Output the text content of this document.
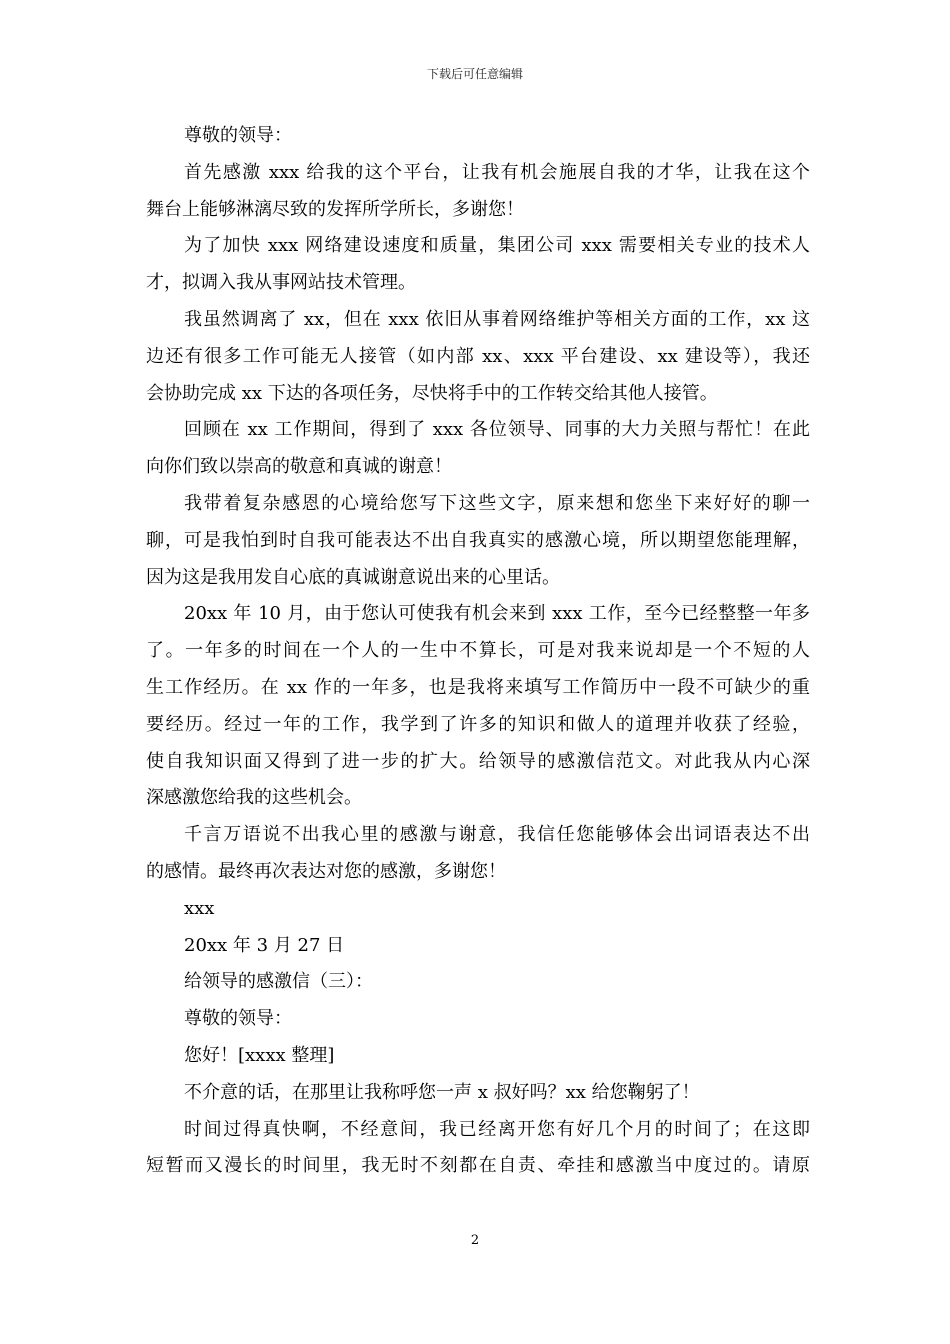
下载后可任意编辑
尊敬的领导：
首先感激 xxx 给我的这个平台，让我有机会施展自我的才华，让我在这个
舞台上能够淋漓尽致的发挥所学所长，多谢您！
为了加快 xxx 网络建设速度和质量，集团公司 xxx 需要相关专业的技术人
才，拟调入我从事网站技术管理。
我虽然调离了 xx，但在 xxx 依旧从事着网络维护等相关方面的工作，xx 这
边还有很多工作可能无人接管（如内部 xx、xxx 平台建设、xx 建设等），我还
会协助完成 xx 下达的各项任务，尽快将手中的工作转交给其他人接管。
回顾在 xx 工作期间，得到了 xxx 各位领导、同事的大力关照与帮忙！在此
向你们致以崇高的敬意和真诚的谢意！
我带着复杂感恩的心境给您写下这些文字，原来想和您坐下来好好的聊一
聊，可是我怕到时自我可能表达不出自我真实的感激心境，所以期望您能理解，
因为这是我用发自心底的真诚谢意说出来的心里话。
20xx 年 10 月，由于您认可使我有机会来到 xxx 工作，至今已经整整一年多
了。一年多的时间在一个人的一生中不算长，可是对我来说却是一个不短的人
生工作经历。在 xx 作的一年多，也是我将来填写工作简历中一段不可缺少的重
要经历。经过一年的工作，我学到了许多的知识和做人的道理并收获了经验，
使自我知识面又得到了进一步的扩大。给领导的感激信范文。对此我从内心深
深感激您给我的这些机会。
千言万语说不出我心里的感激与谢意，我信任您能够体会出词语表达不出
的感情。最终再次表达对您的感激，多谢您！
xxx
20xx 年 3 月 27 日
给领导的感激信（三）：
尊敬的领导：
您好！[xxxx 整理]
不介意的话，在那里让我称呼您一声 x 叔好吗？xx 给您鞠躬了！
时间过得真快啊，不经意间，我已经离开您有好几个月的时间了；在这即
短暂而又漫长的时间里，我无时不刻都在自责、牵挂和感激当中度过的。请原
2
